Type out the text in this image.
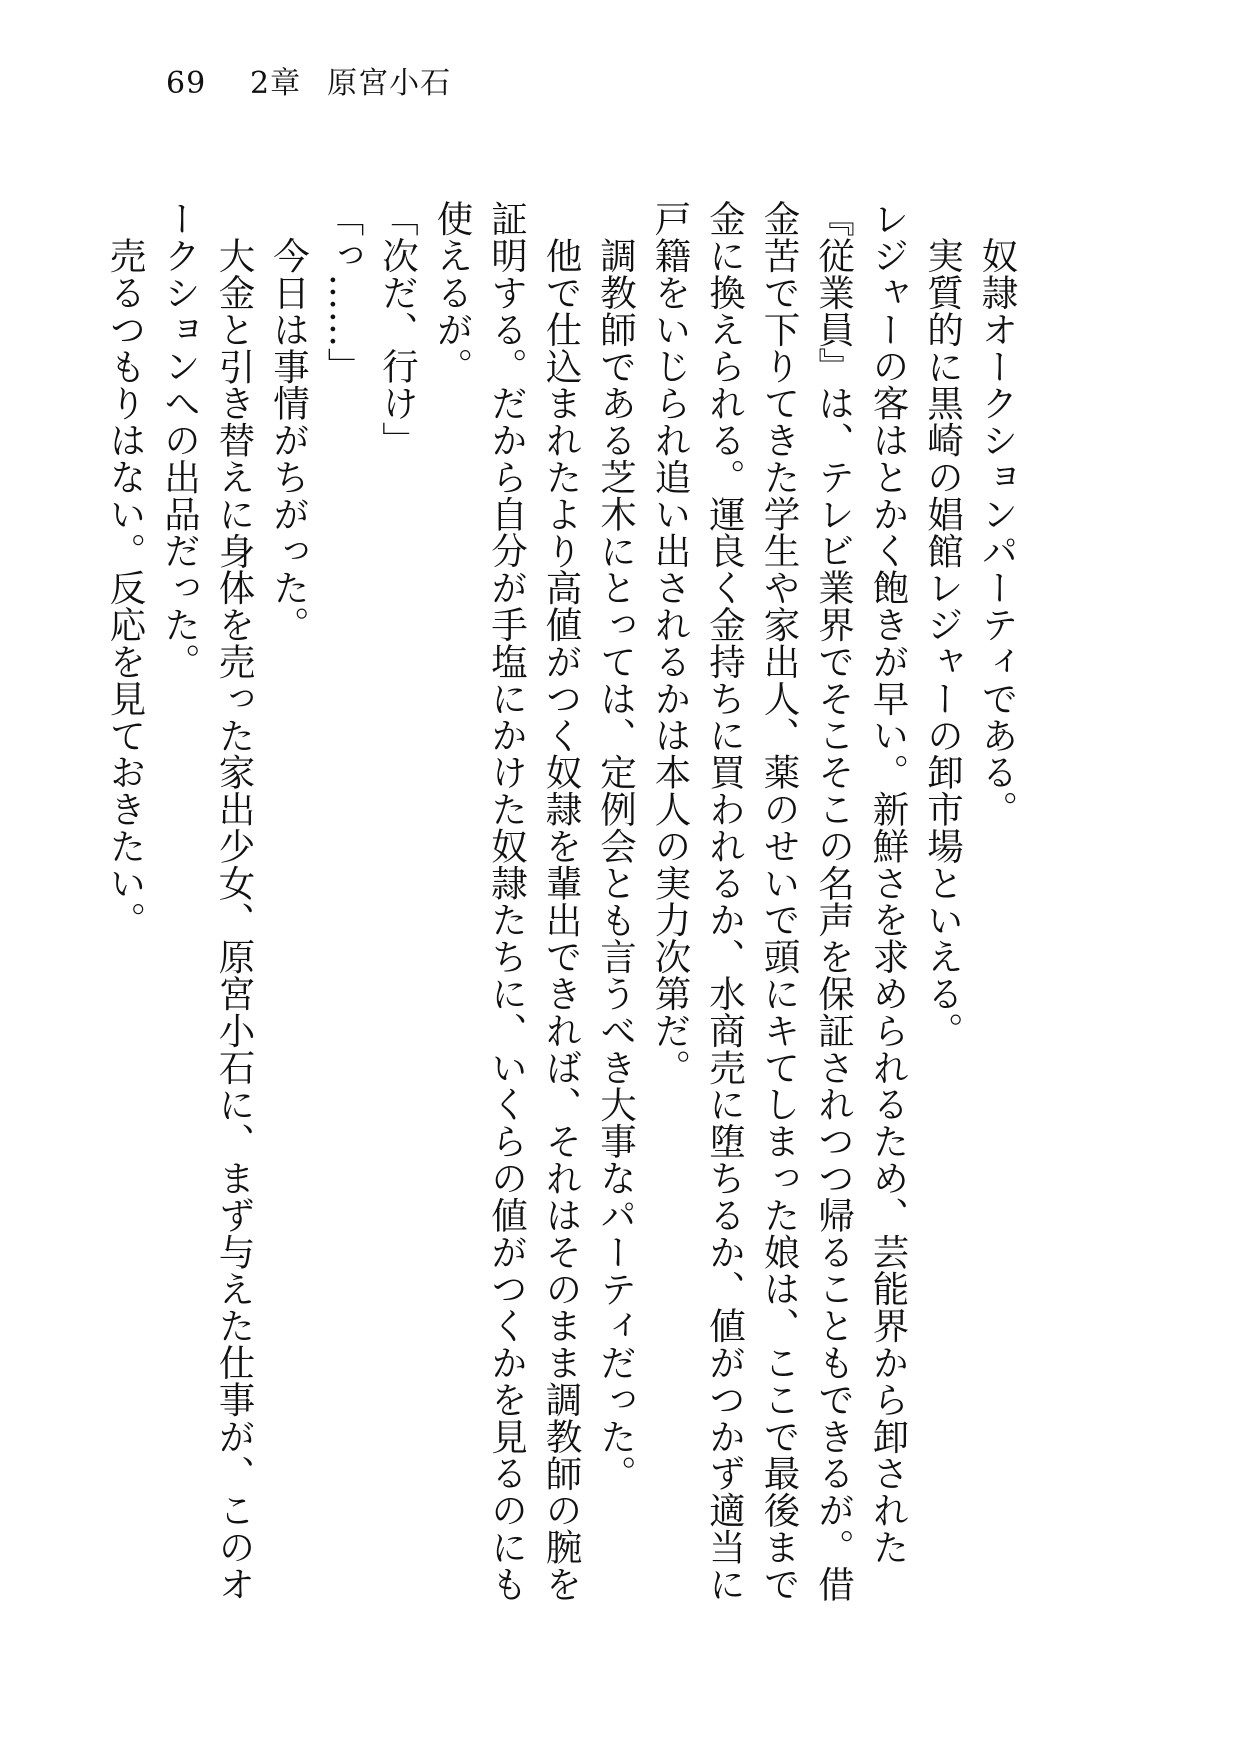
69 2章 原宮小石

奴隷オークションパーティである。

実質的に黒崎の娼館レジャーの卸市場といえる。

レジャーの客はとかく飽きが早い。新鮮さを求められるため、芸能界から卸された『従業員』は、テレビ業界でそこそこの名声を保証されつつ帰ることもできるが。借金苦で下りてきた学生や家出人、薬のせいで頭にキてしまった娘は、ここで最後まで金に換えられる。運良く金持ちに買われるか、水商売に堕ちるか、値がつかず適当に戸籍をいじられ追い出されるかは本人の実力次第だ。

調教師である芝木にとっては、定例会とも言うべき大事なパーティだった。

他で仕込まれたより高値がつく奴隷を輩出できれば、それはそのまま調教師の腕を証明する。だから自分が手塩にかけた奴隷たちに、いくらの値がつくかを見るのにも使えるが。

「次だ、行け」

「っ……」

今日は事情がちがった。

大金と引き替えに身体を売った家出少女、原宮小石に、まず与えた仕事が、このオークションへの出品だった。

売るつもりはない。反応を見ておきたい。
